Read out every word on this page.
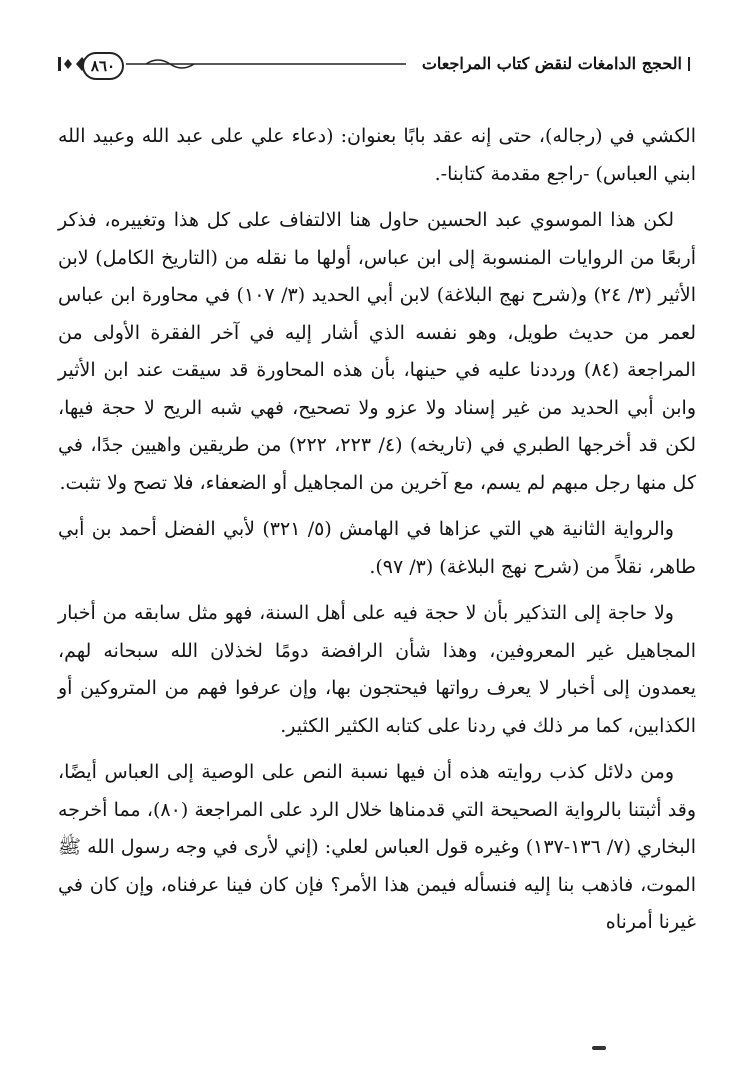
٨٦٠	الحجج الدامغات لنقض كتاب المراجعات

الكشي في (رجاله)، حتى إنه عقد بابًا بعنوان: (دعاء علي على عبد الله وعبيد الله ابني العباس) -راجع مقدمة كتابنا-.

لكن هذا الموسوي عبد الحسين حاول هنا الالتفاف على كل هذا وتغييره، فذكر أربعًا من الروايات المنسوبة إلى ابن عباس، أولها ما نقله من (التاريخ الكامل) لابن الأثير (٣/ ٢٤) و(شرح نهج البلاغة) لابن أبي الحديد (٣/ ١٠٧) في محاورة ابن عباس لعمر من حديث طويل، وهو نفسه الذي أشار إليه في آخر الفقرة الأولى من المراجعة (٨٤) ورددنا عليه في حينها، بأن هذه المحاورة قد سيقت عند ابن الأثير وابن أبي الحديد من غير إسناد ولا عزو ولا تصحيح، فهي شبه الريح لا حجة فيها، لكن قد أخرجها الطبري في (تاريخه) (٤/ ٢٢٣، ٢٢٢) من طريقين واهيين جدًا، في كل منها رجل مبهم لم يسم، مع آخرين من المجاهيل أو الضعفاء، فلا تصح ولا تثبت.

والرواية الثانية هي التي عزاها في الهامش (٥/ ٣٢١) لأبي الفضل أحمد بن أبي طاهر، نقلاً من (شرح نهج البلاغة) (٣/ ٩٧).

ولا حاجة إلى التذكير بأن لا حجة فيه على أهل السنة، فهو مثل سابقه من أخبار المجاهيل غير المعروفين، وهذا شأن الرافضة دومًا لخذلان الله سبحانه لهم، يعمدون إلى أخبار لا يعرف رواتها فيحتجون بها، وإن عرفوا فهم من المتروكين أو الكذابين، كما مر ذلك في ردنا على كتابه الكثير الكثير.

ومن دلائل كذب روايته هذه أن فيها نسبة النص على الوصية إلى العباس أيضًا، وقد أثبتنا بالرواية الصحيحة التي قدمناها خلال الرد على المراجعة (٨٠)، مما أخرجه البخاري (٧/ ١٣٦-١٣٧) وغيره قول العباس لعلي: (إني لأرى في وجه رسول الله ﷺ الموت، فاذهب بنا إليه فنسأله فيمن هذا الأمر؟ فإن كان فينا عرفناه، وإن كان في غيرنا أمرناه
